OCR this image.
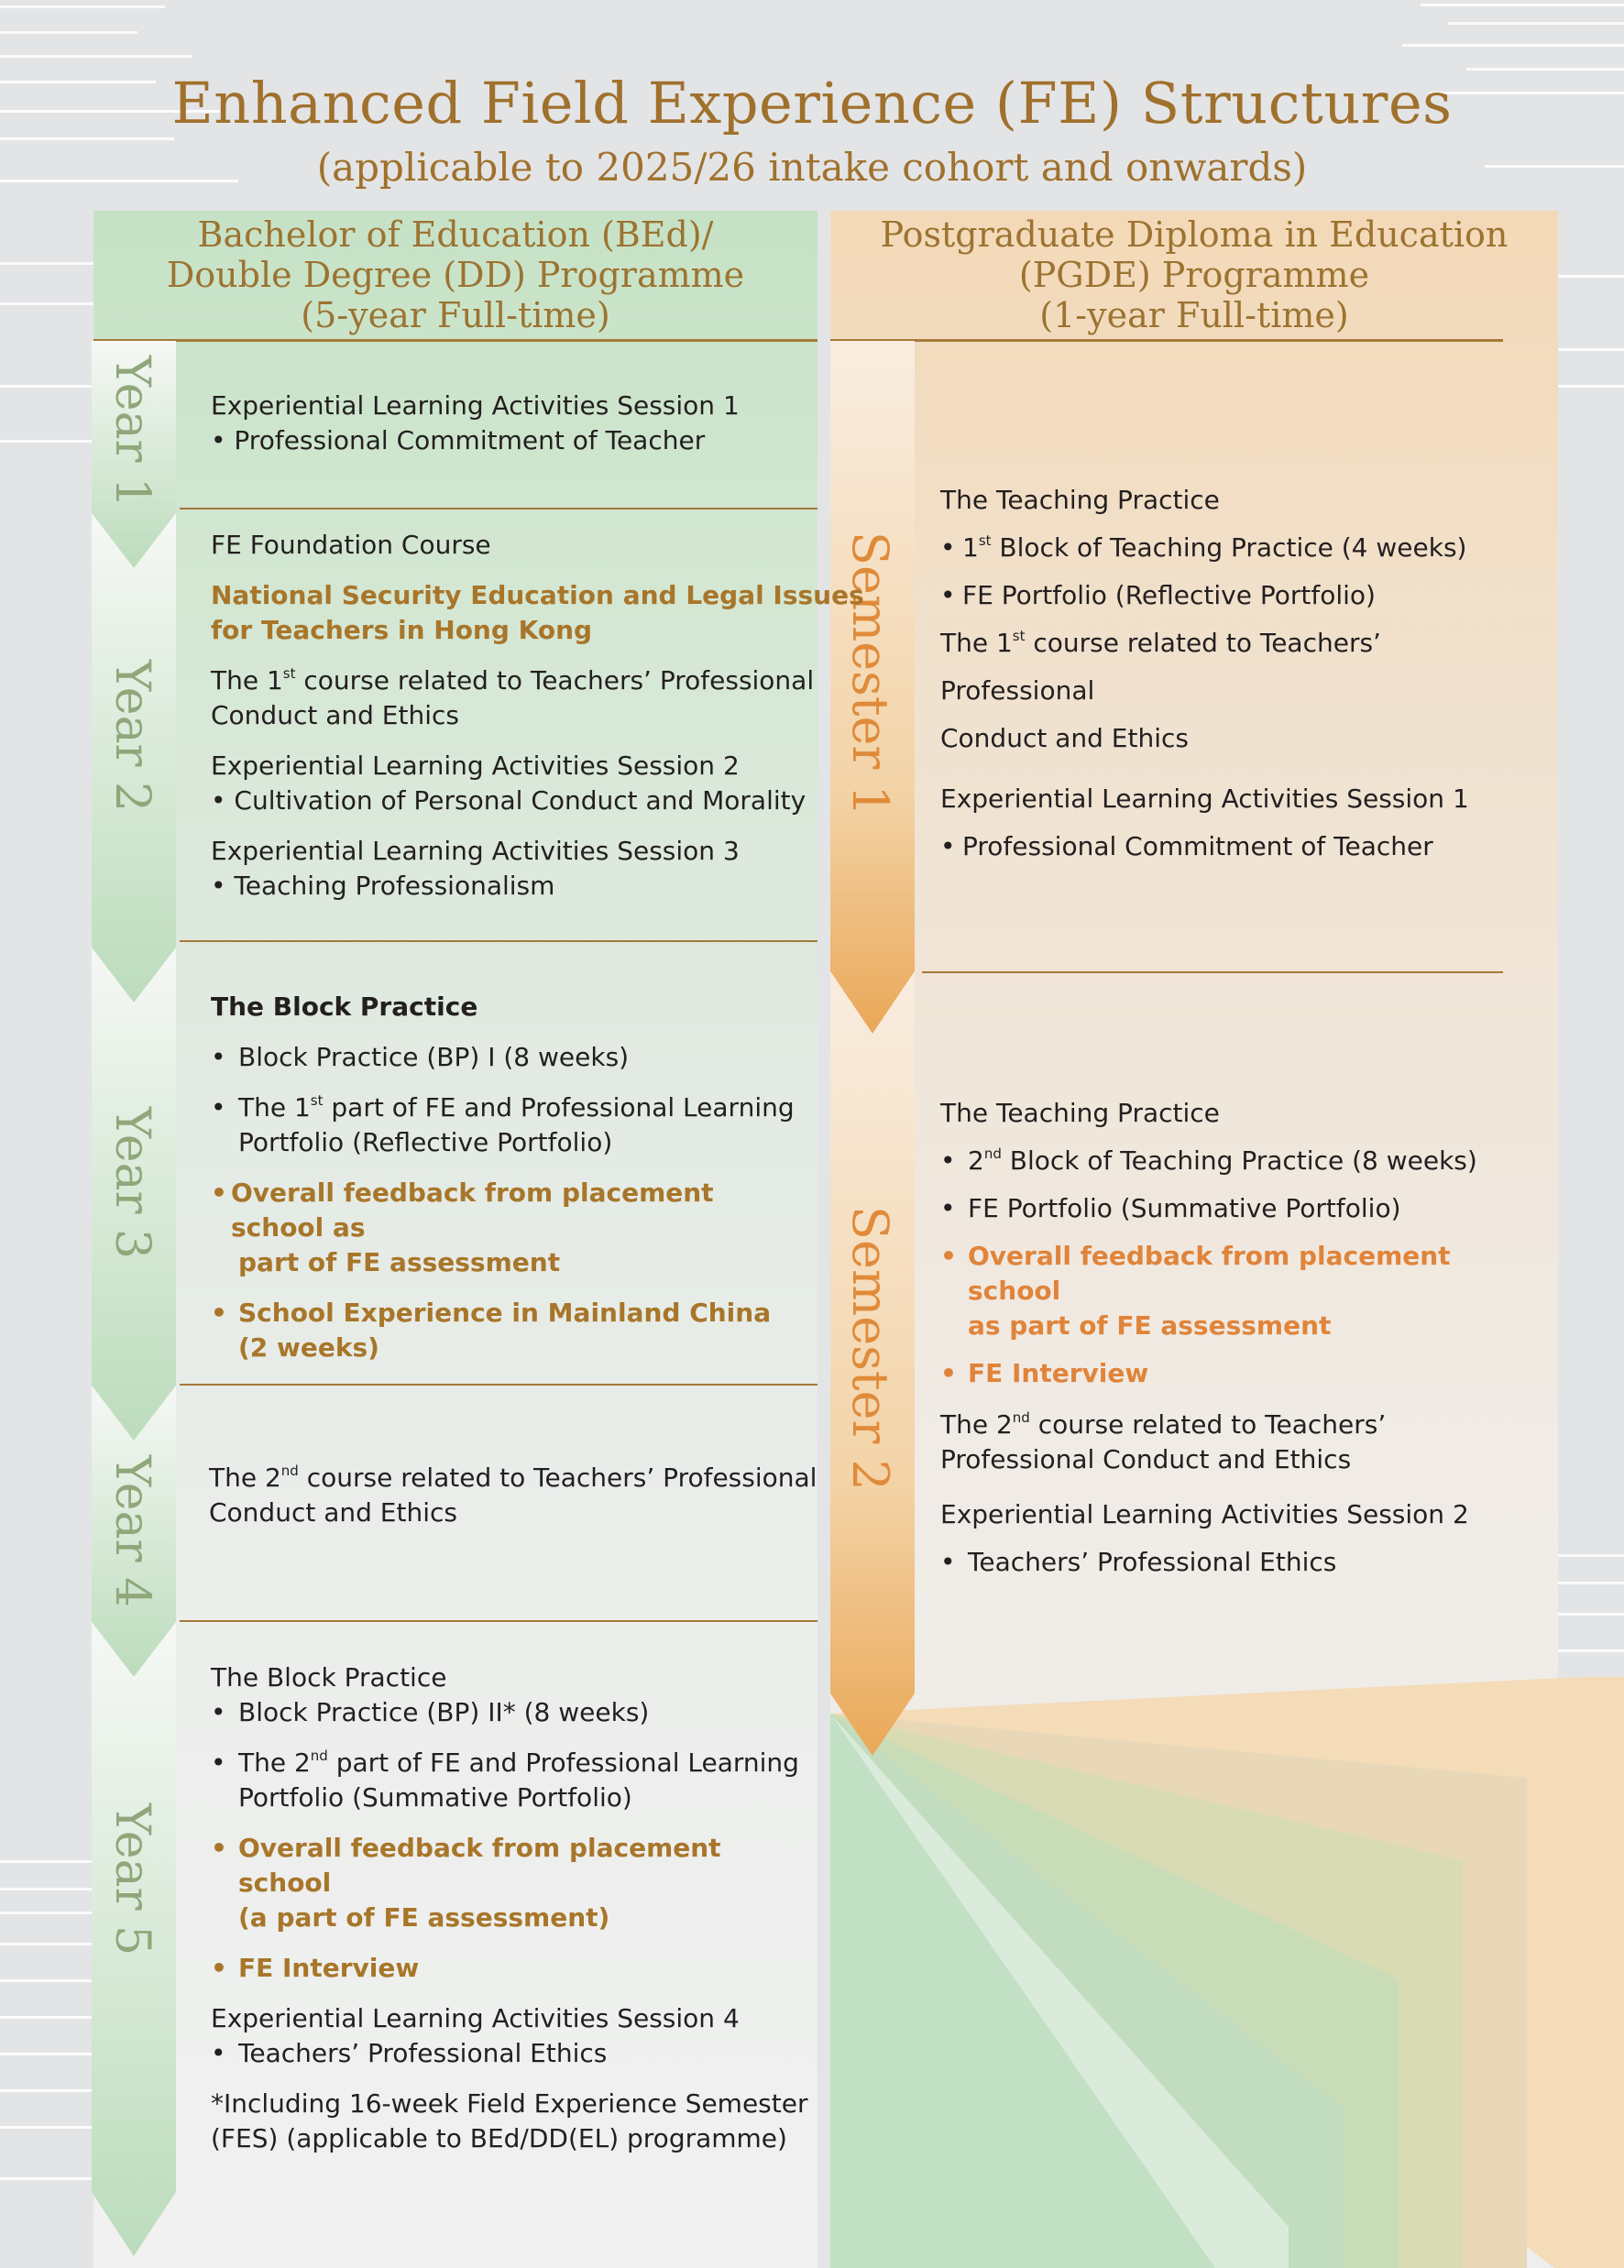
Enhanced Field Experience (FE) Structures
(applicable to 2025/26 intake cohort and onwards)
Bachelor of Education (BEd)/
Double Degree (DD) Programme
(5-year Full-time)
Postgraduate Diploma in Education
(PGDE) Programme
(1-year Full-time)
Year 1
Year 2
Year 3
Year 4
Year 5
Semester 1
Semester 2

Experiential Learning Activities Session 1

• Professional Commitment of Teacher

FE Foundation Course

National Security Education and Legal Issues

for Teachers in Hong Kong

The 1st course related to Teachers’ Professional

Conduct and Ethics

Experiential Learning Activities Session 2

• Cultivation of Personal Conduct and Morality

Experiential Learning Activities Session 3

• Teaching Professionalism

The Block Practice

• Block Practice (BP) I (8 weeks)
• The 1st part of FE and Professional Learning
Portfolio (Reflective Portfolio)
• Overall feedback from placement school as
part of FE assessment
• School Experience in Mainland China
(2 weeks)

The 2nd course related to Teachers’ Professional

Conduct and Ethics

The Block Practice

• Block Practice (BP) II* (8 weeks)
• The 2nd part of FE and Professional Learning
Portfolio (Summative Portfolio)
• Overall feedback from placement school
(a part of FE assessment)
• FE Interview

Experiential Learning Activities Session 4

• Teachers’ Professional Ethics

*Including 16-week Field Experience Semester

(FES) (applicable to BEd/DD(EL) programme)

The Teaching Practice

• 1st Block of Teaching Practice (4 weeks)
• FE Portfolio (Reflective Portfolio)

The 1st course related to Teachers’ Professional

Conduct and Ethics

Experiential Learning Activities Session 1

• Professional Commitment of Teacher

The Teaching Practice

• 2nd Block of Teaching Practice (8 weeks)
• FE Portfolio (Summative Portfolio)
• Overall feedback from placement school
as part of FE assessment
• FE Interview

The 2nd course related to Teachers’

Professional Conduct and Ethics

Experiential Learning Activities Session 2

• Teachers’ Professional Ethics
